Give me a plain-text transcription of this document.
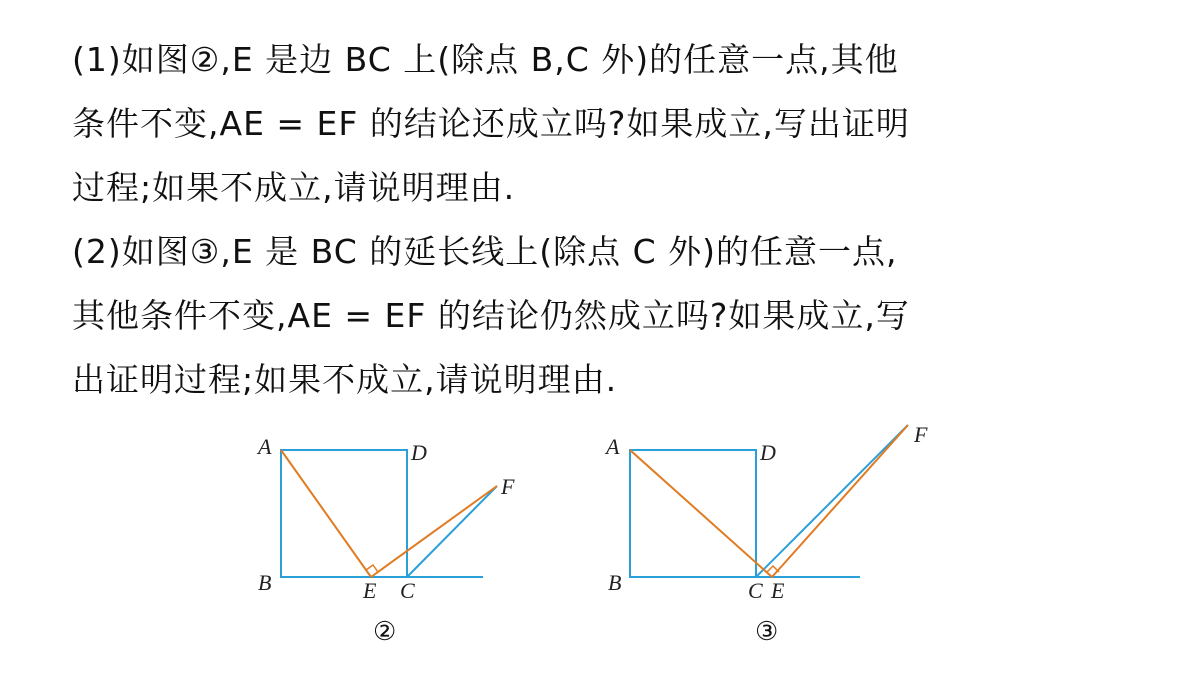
(1)如图②,E 是边 BC 上(除点 B,C 外)的任意一点,其他
条件不变,AE = EF 的结论还成立吗?如果成立,写出证明
过程;如果不成立,请说明理由.
(2)如图③,E 是 BC 的延长线上(除点 C 外)的任意一点,
其他条件不变,AE = EF 的结论仍然成立吗?如果成立,写
出证明过程;如果不成立,请说明理由.
A	D
B	E C
F
②
A	D
B	C E
F
③
